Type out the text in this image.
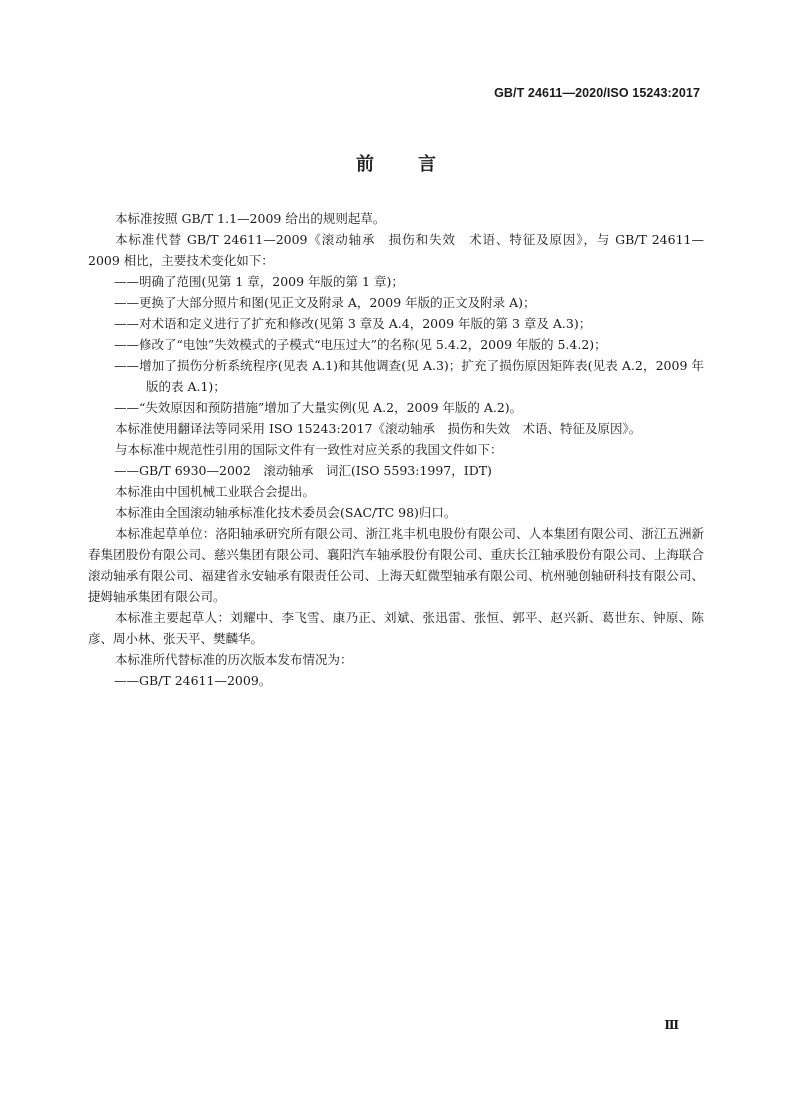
GB/T 24611—2020/ISO 15243:2017
前言

本标准按照 GB/T 1.1—2009 给出的规则起草。

本标准代替 GB/T 24611—2009《滚动轴承　损伤和失效　术语、特征及原因》，与 GB/T 24611—2009 相比，主要技术变化如下：

——明确了范围(见第 1 章，2009 年版的第 1 章)；

——更换了大部分照片和图(见正文及附录 A，2009 年版的正文及附录 A)；

——对术语和定义进行了扩充和修改(见第 3 章及 A.4，2009 年版的第 3 章及 A.3)；

——修改了“电蚀”失效模式的子模式“电压过大”的名称(见 5.4.2，2009 年版的 5.4.2)；

——增加了损伤分析系统程序(见表 A.1)和其他调查(见 A.3)；扩充了损伤原因矩阵表(见表 A.2，2009 年版的表 A.1)；

——“失效原因和预防措施”增加了大量实例(见 A.2，2009 年版的 A.2)。

本标准使用翻译法等同采用 ISO 15243:2017《滚动轴承　损伤和失效　术语、特征及原因》。

与本标准中规范性引用的国际文件有一致性对应关系的我国文件如下：

——GB/T 6930—2002　滚动轴承　词汇(ISO 5593:1997，IDT)

本标准由中国机械工业联合会提出。

本标准由全国滚动轴承标准化技术委员会(SAC/TC 98)归口。

本标准起草单位：洛阳轴承研究所有限公司、浙江兆丰机电股份有限公司、人本集团有限公司、浙江五洲新春集团股份有限公司、慈兴集团有限公司、襄阳汽车轴承股份有限公司、重庆长江轴承股份有限公司、上海联合滚动轴承有限公司、福建省永安轴承有限责任公司、上海天虹微型轴承有限公司、杭州驰创轴研科技有限公司、捷姆轴承集团有限公司。

本标准主要起草人：刘耀中、李飞雪、康乃正、刘斌、张迅雷、张恒、郭平、赵兴新、葛世东、钟原、陈彦、周小林、张天平、樊麟华。

本标准所代替标准的历次版本发布情况为：

——GB/T 24611—2009。

Ⅲ
